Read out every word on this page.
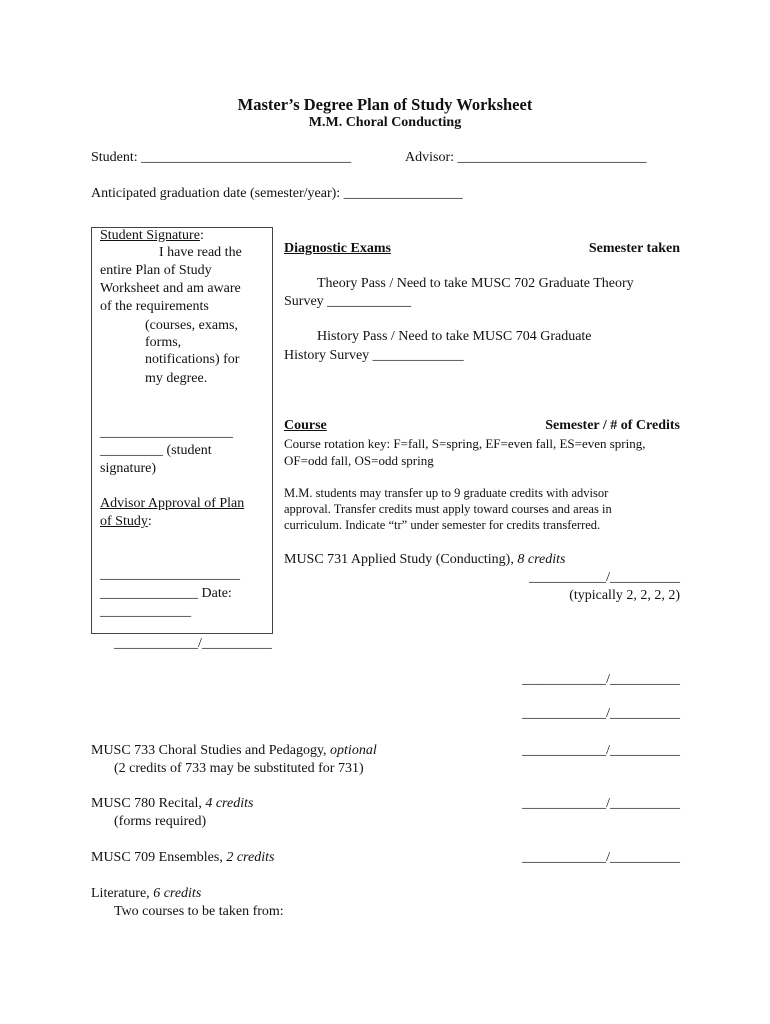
Master’s Degree Plan of Study Worksheet
M.M. Choral Conducting
Student: ______________________________	Advisor: ___________________________
Anticipated graduation date (semester/year): _________________
Student Signature:
I have read the
entire Plan of Study
Worksheet and am aware
of the requirements
(courses, exams,
forms,
notifications) for
my degree.
___________________
_________ (student
signature)
Advisor Approval of Plan
of Study:
____________________
______________ Date:
_____________
____________/__________
Diagnostic Exams	Semester taken
Theory Pass / Need to take MUSC 702 Graduate Theory
Survey ____________
History Pass / Need to take MUSC 704 Graduate
History Survey _____________
Course	Semester / # of Credits
Course rotation key: F=fall, S=spring, EF=even fall, ES=even spring,
OF=odd fall, OS=odd spring
M.M. students may transfer up to 9 graduate credits with advisor
approval. Transfer credits must apply toward courses and areas in
curriculum. Indicate “tr” under semester for credits transferred.
MUSC 731 Applied Study (Conducting), 8 credits
___________/__________
(typically 2, 2, 2, 2)
____________/__________
____________/__________
MUSC 733 Choral Studies and Pedagogy, optional	____________/__________
(2 credits of 733 may be substituted for 731)
MUSC 780 Recital, 4 credits	____________/__________
(forms required)
MUSC 709 Ensembles, 2 credits	____________/__________
Literature, 6 credits
Two courses to be taken from:
